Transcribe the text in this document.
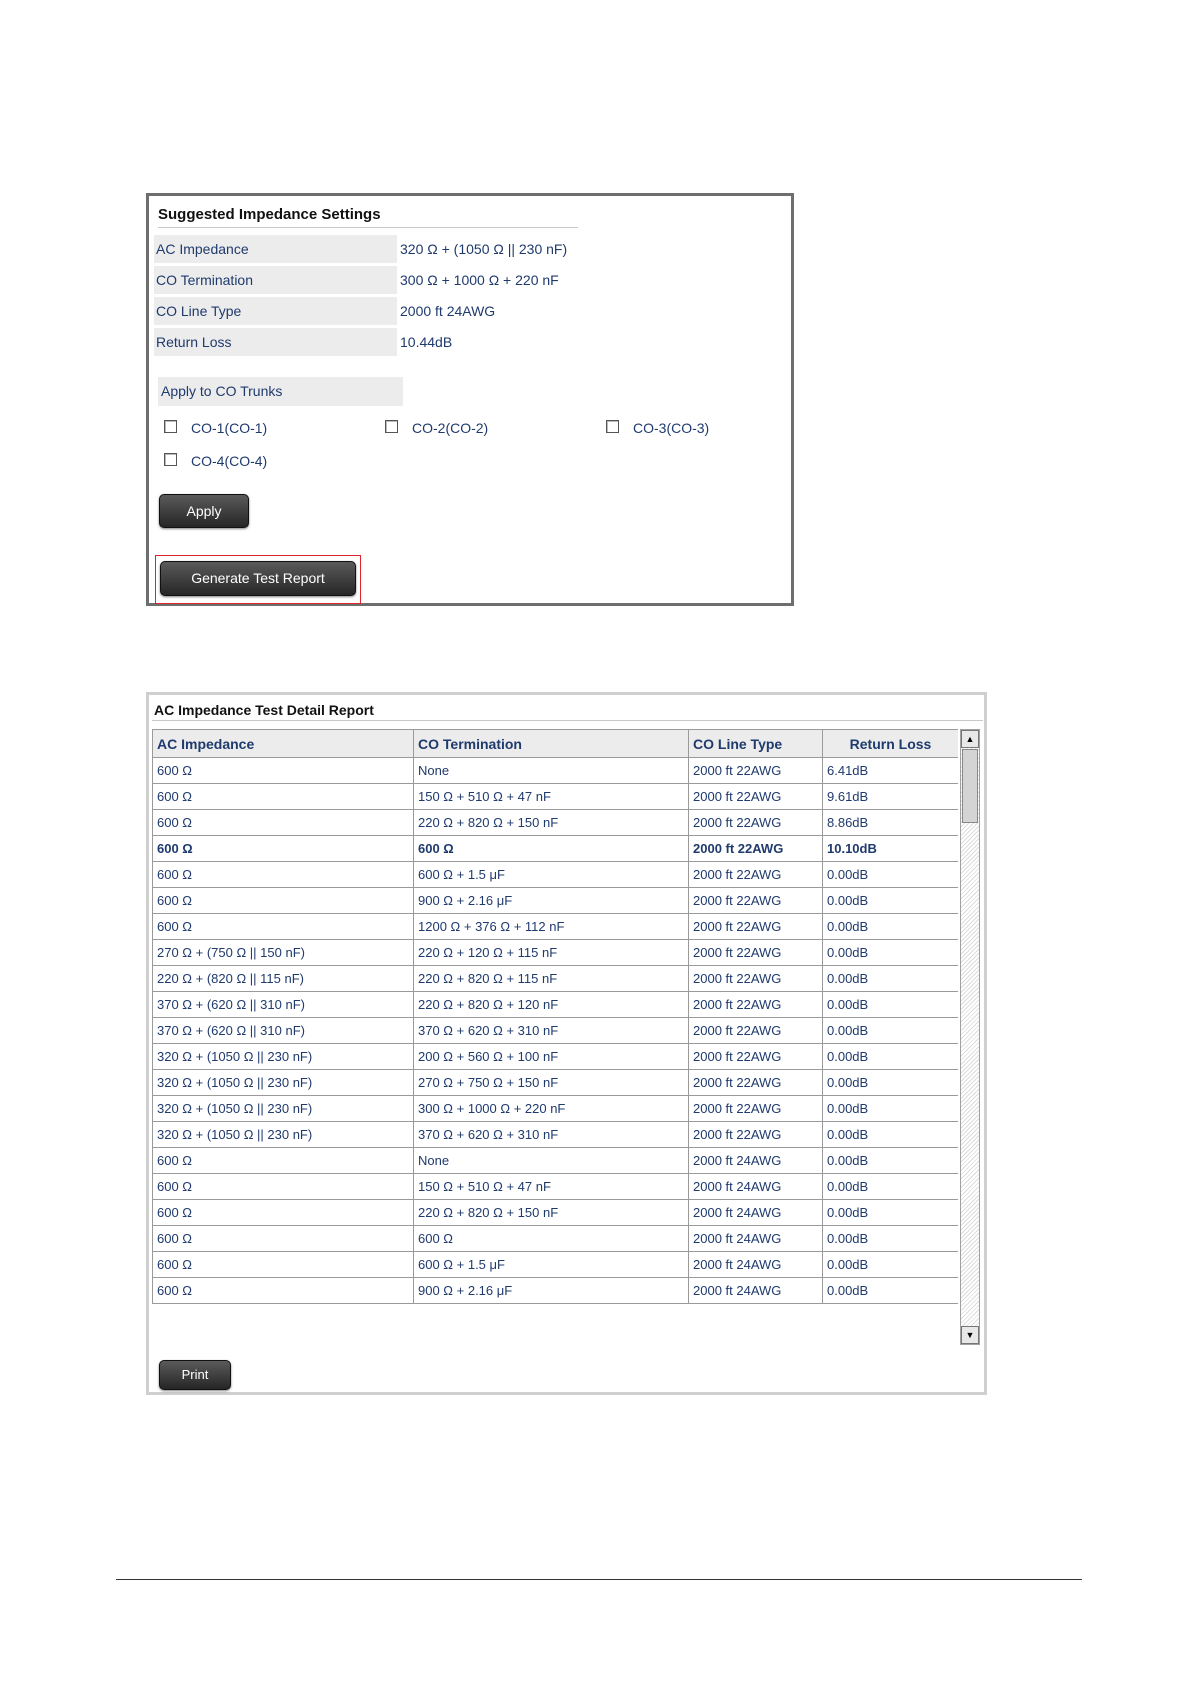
Suggested Impedance Settings
AC Impedance	320 Ω + (1050 Ω || 230 nF)
CO Termination	300 Ω + 1000 Ω + 220 nF
CO Line Type	2000 ft 24AWG
Return Loss	10.44dB
Apply to CO Trunks
CO-1(CO-1)	CO-2(CO-2)	CO-3(CO-3)
CO-4(CO-4)
Apply
Generate Test Report
AC Impedance Test Detail Report
AC Impedance	CO Termination	CO Line Type	Return Loss
600 Ω	None	2000 ft 22AWG	6.41dB
600 Ω	150 Ω + 510 Ω + 47 nF	2000 ft 22AWG	9.61dB
600 Ω	220 Ω + 820 Ω + 150 nF	2000 ft 22AWG	8.86dB
600 Ω	600 Ω	2000 ft 22AWG	10.10dB
600 Ω	600 Ω + 1.5 μF	2000 ft 22AWG	0.00dB
600 Ω	900 Ω + 2.16 μF	2000 ft 22AWG	0.00dB
600 Ω	1200 Ω + 376 Ω + 112 nF	2000 ft 22AWG	0.00dB
270 Ω + (750 Ω || 150 nF)	220 Ω + 120 Ω + 115 nF	2000 ft 22AWG	0.00dB
220 Ω + (820 Ω || 115 nF)	220 Ω + 820 Ω + 115 nF	2000 ft 22AWG	0.00dB
370 Ω + (620 Ω || 310 nF)	220 Ω + 820 Ω + 120 nF	2000 ft 22AWG	0.00dB
370 Ω + (620 Ω || 310 nF)	370 Ω + 620 Ω + 310 nF	2000 ft 22AWG	0.00dB
320 Ω + (1050 Ω || 230 nF)	200 Ω + 560 Ω + 100 nF	2000 ft 22AWG	0.00dB
320 Ω + (1050 Ω || 230 nF)	270 Ω + 750 Ω + 150 nF	2000 ft 22AWG	0.00dB
320 Ω + (1050 Ω || 230 nF)	300 Ω + 1000 Ω + 220 nF	2000 ft 22AWG	0.00dB
320 Ω + (1050 Ω || 230 nF)	370 Ω + 620 Ω + 310 nF	2000 ft 22AWG	0.00dB
600 Ω	None	2000 ft 24AWG	0.00dB
600 Ω	150 Ω + 510 Ω + 47 nF	2000 ft 24AWG	0.00dB
600 Ω	220 Ω + 820 Ω + 150 nF	2000 ft 24AWG	0.00dB
600 Ω	600 Ω	2000 ft 24AWG	0.00dB
600 Ω	600 Ω + 1.5 μF	2000 ft 24AWG	0.00dB
600 Ω	900 Ω + 2.16 μF	2000 ft 24AWG	0.00dB
▲
▼
Print
